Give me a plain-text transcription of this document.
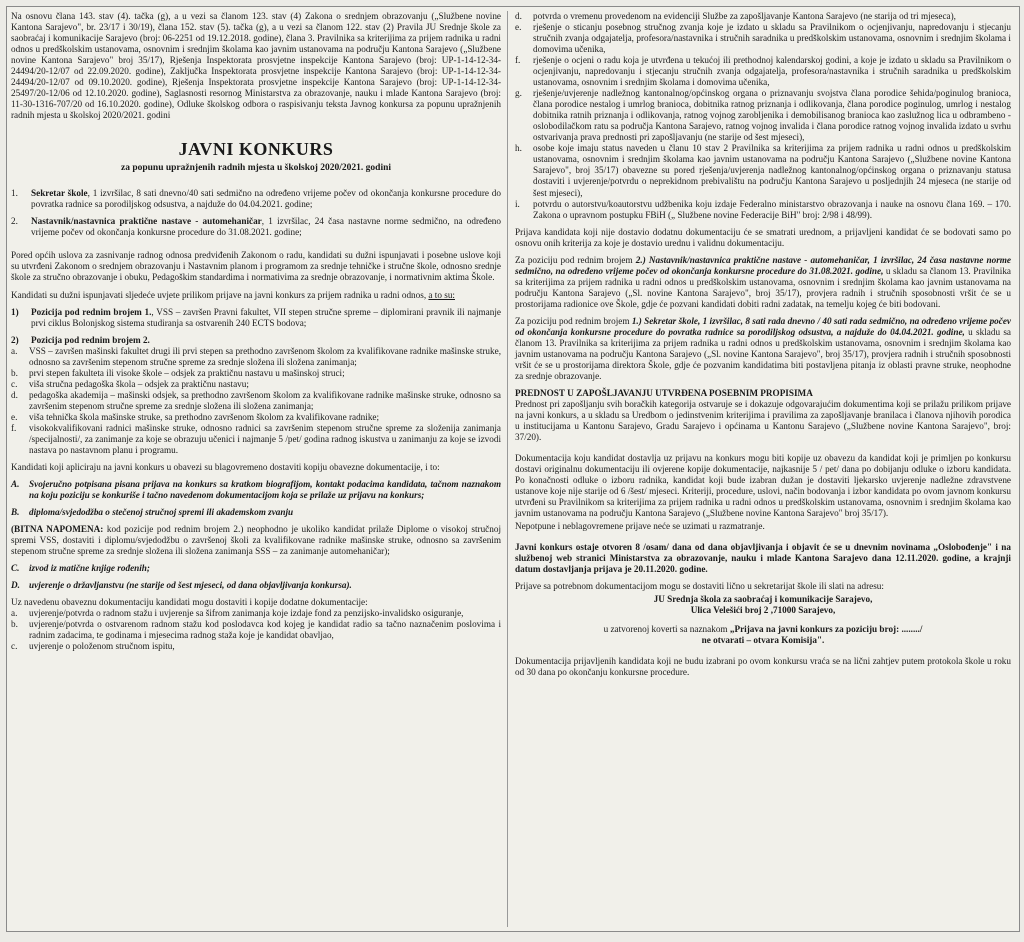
Na osnovu člana 143. stav (4). tačka (g), a u vezi sa članom 123. stav (4) Zakona o srednjem obrazovanju („Službene novine Kantona Sarajevo", br. 23/17 i 30/19), člana 152. stav (5). tačka (g), a u vezi sa članom 122. stav (2) Pravila JU Srednje škole za saobraćaj i komunikacije Sarajevo (broj: 06-2251 od 19.12.2018. godine), člana 3. Pravilnika sa kriterijima za prijem radnika u radni odnos u predškolskim ustanovama, osnovnim i srednjim školama kao javnim ustanovama na području Kantona Sarajevo („Službene novine Kantona Sarajevo" broj 35/17), Rješenja Inspektorata prosvjetne inspekcije Kantona Sarajevo (broj: UP-1-14-12-34-24494/20-12/07 od 22.09.2020. godine), Zaključka Inspektorata prosvjetne inspekcije Kantona Sarajevo (broj: UP-1-14-12-34-24494/20-12/07 od 09.10.2020. godine), Rješenja Inspektorata prosvjetne inspekcije Kantona Sarajevo (broj: UP-1-14-12-34-25497/20-12/06 od 12.10.2020. godine), Saglasnosti resornog Ministarstva za obrazovanje, nauku i mlade Kantona Sarajevo (broj: 11-30-1316-707/20 od 16.10.2020. godine), Odluke školskog odbora o raspisivanju teksta Javnog konkursa za popunu upražnjenih radnih mjesta u školskoj 2020/2021. godini

JAVNI KONKURS
za popunu upražnjenih radnih mjesta u školskoj 2020/2021. godini
1.	Sekretar škole, 1 izvršilac, 8 sati dnevno/40 sati sedmično na određeno vrijeme počev od okončanja konkursne procedure do povratka radnice sa porodiljskog odsustva, a najduže do 04.04.2021. godine;
2.	Nastavnik/nastavnica praktične nastave - automehaničar, 1 izvršilac, 24 časa nastavne norme sedmično, na određeno vrijeme počev od okončanja konkursne procedure do 31.08.2021. godine;

Pored općih uslova za zasnivanje radnog odnosa predviđenih Zakonom o radu, kandidati su dužni ispunjavati i posebne uslove koji su utvrđeni Zakonom o srednjem obrazovanju i Nastavnim planom i programom za srednje tehničke i stručne škole, odnosno srednje škole za stručno obrazovanje i obuku, Pedagoškim standardima i normativima za srednje obrazovanje, i normativnim aktima Škole.

Kandidati su dužni ispunjavati sljedeće uvjete prilikom prijave na javni konkurs za prijem radnika u radni odnos, a to su:

1)	Pozicija pod rednim brojem 1., VSS – završen Pravni fakultet, VII stepen stručne spreme – diplomirani pravnik ili najmanje prvi ciklus Bolonjskog sistema studiranja sa ostvarenih 240 ECTS bodova;
2)	Pozicija pod rednim brojem 2.
a.	VSS – završen mašinski fakultet drugi ili prvi stepen sa prethodno završenom školom za kvalifikovane radnike mašinske struke, odnosno sa završenim stepenom stručne spreme za srednje složena ili složena zanimanja;
b.	prvi stepen fakulteta ili visoke škole – odsjek za praktičnu nastavu u mašinskoj struci;
c.	viša stručna pedagoška škola – odsjek za praktičnu nastavu;
d.	pedagoška akademija – mašinski odsjek, sa prethodno završenom školom za kvalifikovane radnike mašinske struke, odnosno sa završenim stepenom stručne spreme za srednje složena ili složena zanimanja;
e.	viša tehnička škola mašinske struke, sa prethodno završenom školom za kvalifikovane radnike;
f.	visokokvalifikovani radnici mašinske struke, odnosno radnici sa završenim stepenom stručne spreme za složenija zanimanja /specijalnosti/, za zanimanje za koje se obrazuju učenici i najmanje 5 /pet/ godina radnog iskustva u zanimanju za koje se izvodi nastava po nastavnom planu i programu.

Kandidati koji apliciraju na javni konkurs u obavezi su blagovremeno dostaviti kopiju obavezne dokumentacije, i to:

A.	Svojeručno potpisana pisana prijava na konkurs sa kratkom biografijom, kontakt podacima kandidata, tačnom naznakom na koju poziciju se konkuriše i tačno navedenom dokumentacijom koja se prilaže uz prijavu na konkurs;
B.	diploma/svjedodžba o stečenoj stručnoj spremi ili akademskom zvanju

(BITNA NAPOMENA: kod pozicije pod rednim brojem 2.) neophodno je ukoliko kandidat prilaže Diplome o visokoj stručnoj spremi VSS, dostaviti i diplomu/svjedodžbu o završenoj školi za kvalifikovane radnike mašinske struke, odnosno sa završenim stepenom stručne spreme za srednje složena ili složena zanimanja SSS – za zanimanje automehaničar);

C.	izvod iz matične knjige rođenih;
D. uvjerenje o državljanstvu (ne starije od šest mjeseci, od dana objavljivanja konkursa).

Uz navedenu obaveznu dokumentaciju kandidati mogu dostaviti i kopije dodatne dokumentacije:

a.	uvjerenje/potvrda o radnom stažu i uvjerenje sa šifrom zanimanja koje izdaje fond za penzijsko-invalidsko osiguranje,
b.	uvjerenje/potvrda o ostvarenom radnom stažu kod poslodavca kod kojeg je kandidat radio sa tačno naznačenim poslovima i radnim zadacima, te godinama i mjesecima radnog staža koje je kandidat obavljao,
c.	uvjerenje o položenom stručnom ispitu,
d.	potvrda o vremenu provedenom na evidenciji Službe za zapošljavanje Kantona Sarajevo (ne starija od tri mjeseca),
e.	rješenje o sticanju posebnog stručnog zvanja koje je izdato u skladu sa Pravilnikom o ocjenjivanju, napredovanju i stjecanju stručnih zvanja odgajatelja, profesora/nastavnika i stručnih saradnika u predškolskim ustanovama, osnovnim i srednjim školama i domovima učenika,
f.	rješenje o ocjeni o radu koja je utvrđena u tekućoj ili prethodnoj kalendarskoj godini, a koje je izdato u skladu sa Pravilnikom o ocjenjivanju, napredovanju i stjecanju stručnih zvanja odgajatelja, profesora/nastavnika i stručnih saradnika u predškolskim ustanovama, osnovnim i srednjim školama i domovima učenika,
g.	rješenje/uvjerenje nadležnog kantonalnog/općinskog organa o priznavanju svojstva člana porodice šehida/poginulog branioca, člana porodice nestalog i umrlog branioca, dobitnika ratnog priznanja i odlikovanja, člana porodice poginulog, umrlog i nestalog dobitnika ratnih priznanja i odlikovanja, ratnog vojnog zarobljenika i demobilisanog branioca kao zaslužnog lica u odbrambeno - oslobodilačkom ratu sa područja Kantona Sarajevo, ratnog vojnog invalida i člana porodice ratnog vojnog invalida izdato u svrhu ostvarivanja prava prednosti pri zapošljavanju (ne starije od šest mjeseci),
h.	osobe koje imaju status naveden u članu 10 stav 2 Pravilnika sa kriterijima za prijem radnika u radni odnos u predškolskim ustanovama, osnovnim i srednjim školama kao javnim ustanovama na području Kantona Sarajevo („Službene novine Kantona Sarajevo", broj 35/17) obavezne su pored rješenja/uvjerenja nadležnog kantonalnog/općinskog organa o priznavanju statusa dostaviti i uvjerenje/potvrdu o neprekidnom prebivalištu na području Kantona Sarajevo u posljednjih 24 mjeseca (ne starije od šest mjeseci),
i.	potvrdu o autorstvu/koautorstvu udžbenika koju izdaje Federalno ministarstvo obrazovanja i nauke na osnovu člana 169. – 170. Zakona o upravnom postupku FBiH („ Službene novine Federacije BiH" broj: 2/98 i 48/99).

Prijava kandidata koji nije dostavio dodatnu dokumentaciju će se smatrati urednom, a prijavljeni kandidat će se bodovati samo po osnovu onih kriterija za koje je dostavio urednu i validnu dokumentaciju.

Za poziciju pod rednim brojem 2.) Nastavnik/nastavnica praktične nastave - automehaničar, 1 izvršilac, 24 časa nastavne norme sedmično, na određeno vrijeme počev od okončanja konkursne procedure do 31.08.2021. godine, u skladu sa članom 13. Pravilnika sa kriterijima za prijem radnika u radni odnos u predškolskim ustanovama, osnovnim i srednjim školama kao javnim ustanovama na području Kantona Sarajevo („Sl. novine Kantona Sarajevo", broj 35/17), provjera radnih i stručnih sposobnosti vršit će se u prostorijama radionice ove Škole, gdje će pozvani kandidati dobiti radni zadatak, na temelju kojeg će biti bodovani.

Za poziciju pod rednim brojem 1.) Sekretar škole, 1 izvršilac, 8 sati rada dnevno / 40 sati rada sedmično, na određeno vrijeme počev od okončanja konkursne procedure do povratka radnice sa porodiljskog odsustva, a najduže do 04.04.2021. godine, u skladu sa članom 13. Pravilnika sa kriterijima za prijem radnika u radni odnos u predškolskim ustanovama, osnovnim i srednjim školama kao javnim ustanovama na području Kantona Sarajevo („Sl. novine Kantona Sarajevo", broj 35/17), provjera radnih i stručnih sposobnosti vršit će se u prostorijama direktora Škole, gdje će pozvanim kandidatima biti postavljena pitanja iz oblasti pravne struke, neophodne za srednje obrazovanje.

PREDNOST U ZAPOŠLJAVANJU UTVRĐENA POSEBNIM PROPISIMA

Prednost pri zapošljanju svih boračkih kategorija ostvaruje se i dokazuje odgovarajućim dokumentima koji se prilažu prilikom prijave na javni konkurs, a u skladu sa Uredbom o jedinstvenim kriterijima i pravilima za zapošljavanje branilaca i članova njihovih porodica u institucijama u Kantonu Sarajevo, Gradu Sarajevo i općinama u Kantonu Sarajevo („Službene novine Kantona Sarajevo", broj: 37/20).

Dokumentacija koju kandidat dostavlja uz prijavu na konkurs mogu biti kopije uz obavezu da kandidat koji je primljen po konkursu dostavi originalnu dokumentaciju ili ovjerene kopije dokumentacije, najkasnije 5 / pet/ dana po dobijanju odluke o izboru kandidata. Po konačnosti odluke o izboru radnika, kandidat koji bude izabran dužan je dostaviti ljekarsko uvjerenje nadležne zdravstvene ustanove koje nije starije od 6 /šest/ mjeseci. Kriteriji, procedure, uslovi, način bodovanja i izbor kandidata po ovom javnom konkursu utvrđeni su Pravilnikom sa kriterijima za prijem radnika u radni odnos u predškolskim ustanovama, osnovnim i srednjim školama kao javnim ustanovama na području Kantona Sarajevo („Službene novine Kantona Sarajevo" broj 35/17).

Nepotpune i neblagovremene prijave neće se uzimati u razmatranje.

Javni konkurs ostaje otvoren 8 /osam/ dana od dana objavljivanja i objavit će se u dnevnim novinama „Oslobođenje" i na službenoj web stranici Ministarstva za obrazovanje, nauku i mlade Kantona Sarajevo dana 12.11.2020. godine, a krajnji datum dostavljanja prijava je 20.11.2020. godine.

Prijave sa potrebnom dokumentacijom mogu se dostaviti lično u sekretarijat škole ili slati na adresu:

JU Srednja škola za saobraćaj i komunikacije Sarajevo,
Ulica Velešići broj 2 ,71000 Sarajevo,
u zatvorenoj koverti sa naznakom „Prijava na javni konkurs za poziciju broj: ......../
ne otvarati – otvara Komisija".

Dokumentacija prijavljenih kandidata koji ne budu izabrani po ovom konkursu vraća se na lični zahtjev putem protokola škole u roku od 30 dana po okončanju konkursne procedure.
